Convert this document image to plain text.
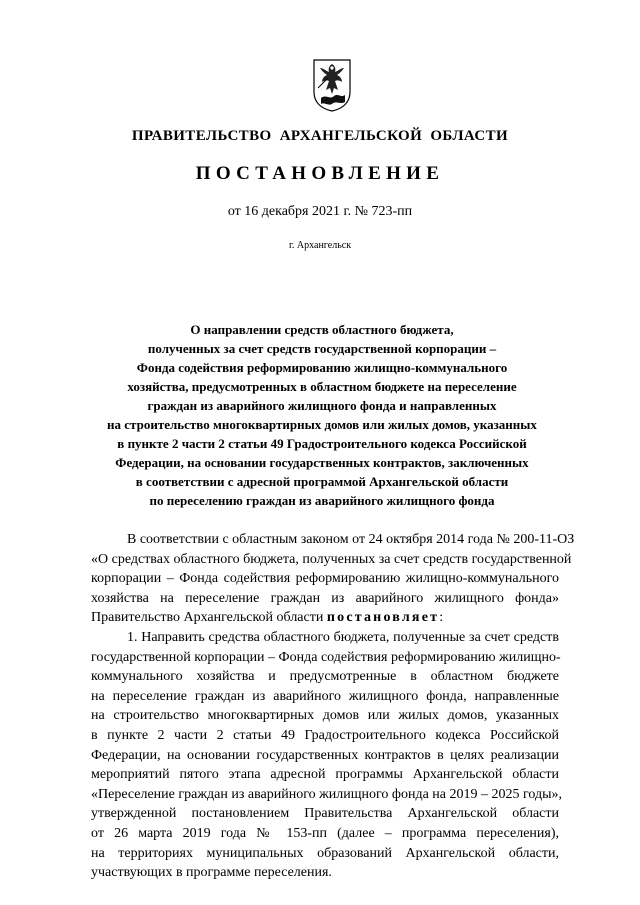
ПРАВИТЕЛЬСТВО АРХАНГЕЛЬСКОЙ ОБЛАСТИ
ПОСТАНОВЛЕНИЕ
от 16 декабря 2021 г. № 723-пп
г. Архангельск
О направлении средств областного бюджета,
полученных за счет средств государственной корпорации –
Фонда содействия реформированию жилищно-коммунального
хозяйства, предусмотренных в областном бюджете на переселение
граждан из аварийного жилищного фонда и направленных
на строительство многоквартирных домов или жилых домов, указанных
в пункте 2 части 2 статьи 49 Градостроительного кодекса Российской
Федерации, на основании государственных контрактов, заключенных
в соответствии с адресной программой Архангельской области
по переселению граждан из аварийного жилищного фонда
В соответствии с областным законом от 24 октября 2014 года № 200-11-ОЗ
«О средствах областного бюджета, полученных за счет средств государственной
корпорации – Фонда содействия реформированию жилищно-коммунального
хозяйства на переселение граждан из аварийного жилищного фонда»
Правительство Архангельской области постановляет:
1. Направить средства областного бюджета, полученные за счет средств
государственной корпорации – Фонда содействия реформированию жилищно-
коммунального хозяйства и предусмотренные в областном бюджете
на переселение граждан из аварийного жилищного фонда, направленные
на строительство многоквартирных домов или жилых домов, указанных
в пункте 2 части 2 статьи 49 Градостроительного кодекса Российской
Федерации, на основании государственных контрактов в целях реализации
мероприятий пятого этапа адресной программы Архангельской области
«Переселение граждан из аварийного жилищного фонда на 2019 – 2025 годы»,
утвержденной постановлением Правительства Архангельской области
от 26 марта 2019 года № 153-пп (далее – программа переселения),
на территориях муниципальных образований Архангельской области,
участвующих в программе переселения.
